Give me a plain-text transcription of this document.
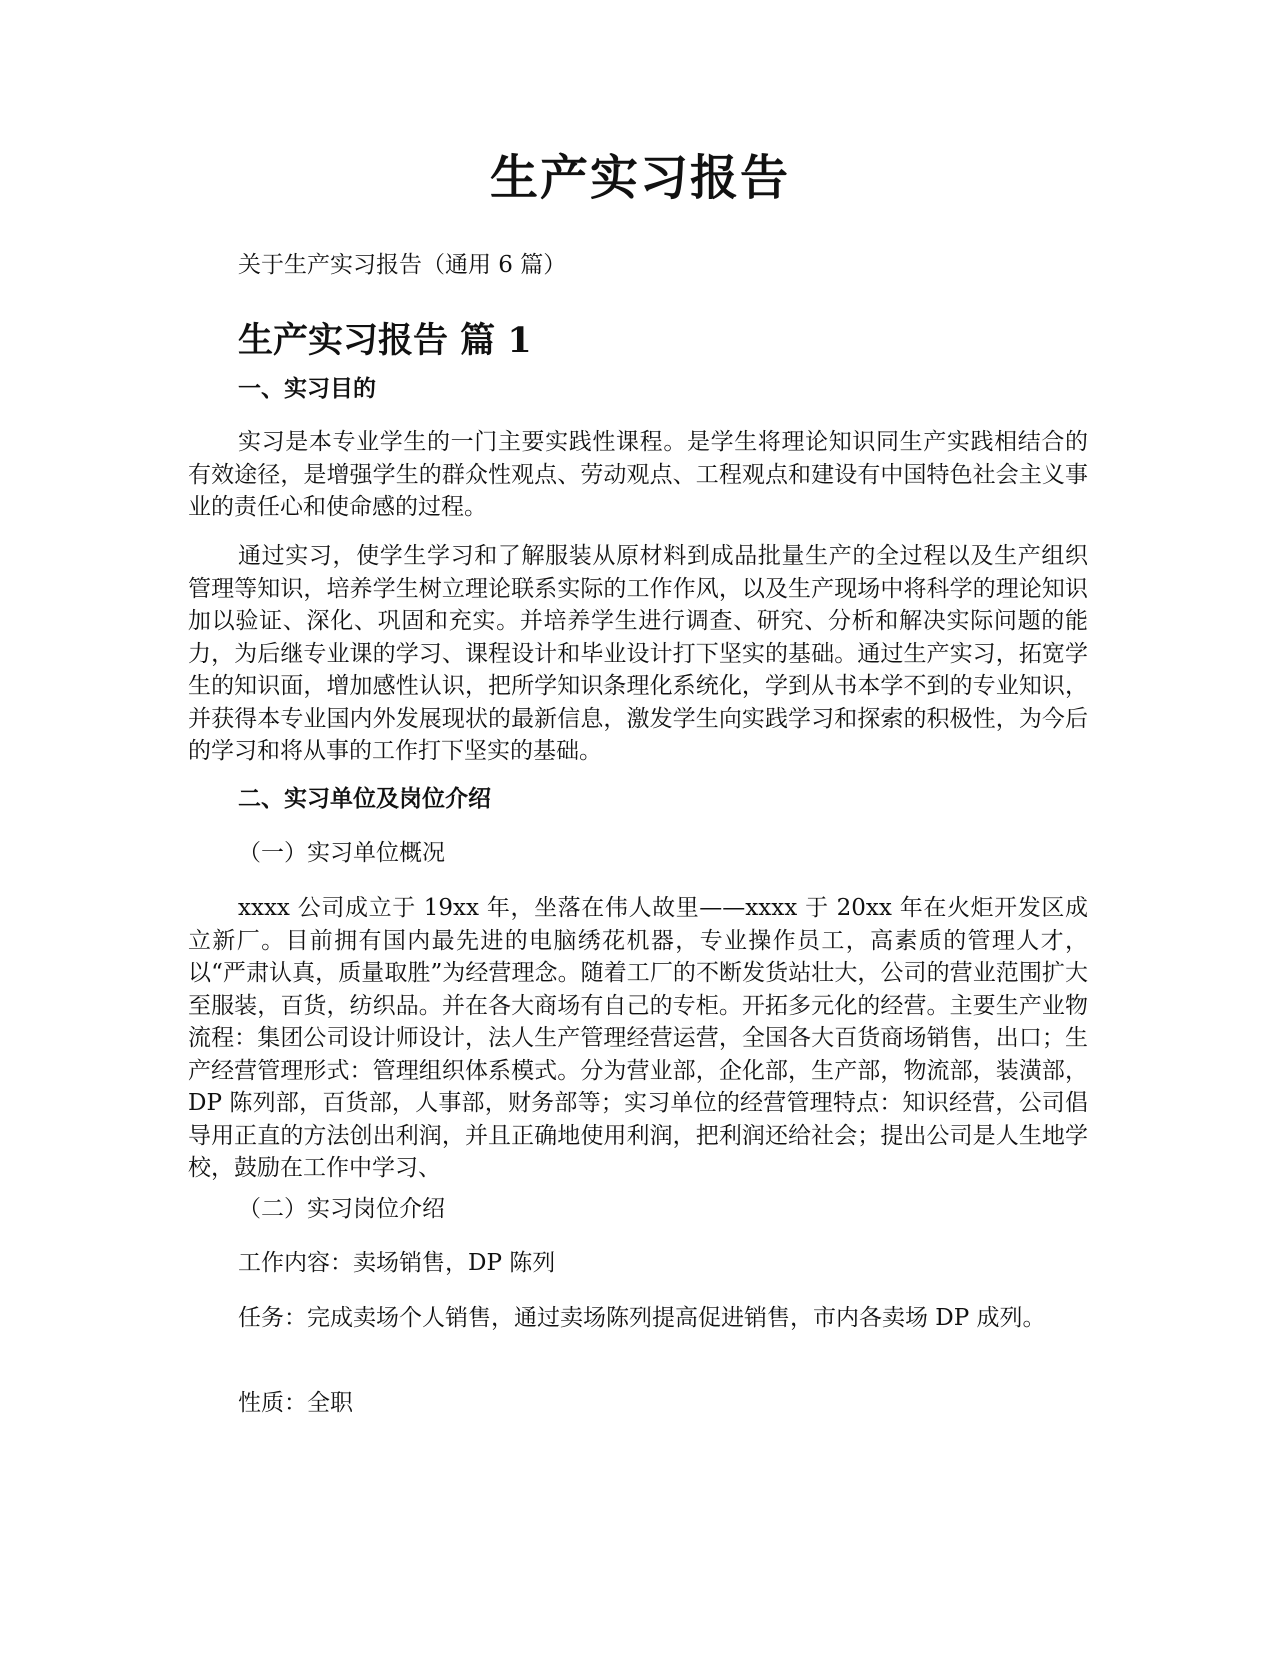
生产实习报告
关于生产实习报告（通用 6 篇）
生产实习报告 篇 1
一、实习目的
实习是本专业学生的一门主要实践性课程。是学生将理论知识同生产实践相结合的有效途径，是增强学生的群众性观点、劳动观点、工程观点和建设有中国特色社会主义事业的责任心和使命感的过程。
通过实习，使学生学习和了解服装从原材料到成品批量生产的全过程以及生产组织管理等知识，培养学生树立理论联系实际的工作作风，以及生产现场中将科学的理论知识加以验证、深化、巩固和充实。并培养学生进行调查、研究、分析和解决实际问题的能力，为后继专业课的学习、课程设计和毕业设计打下坚实的基础。通过生产实习，拓宽学生的知识面，增加感性认识，把所学知识条理化系统化，学到从书本学不到的专业知识，并获得本专业国内外发展现状的最新信息，激发学生向实践学习和探索的积极性，为今后的学习和将从事的工作打下坚实的基础。
二、实习单位及岗位介绍
（一）实习单位概况
xxxx 公司成立于 19xx 年，坐落在伟人故里——xxxx 于 20xx 年在火炬开发区成立新厂。目前拥有国内最先进的电脑绣花机器，专业操作员工，高素质的管理人才，以“严肃认真，质量取胜”为经营理念。随着工厂的不断发货站壮大，公司的营业范围扩大至服装，百货，纺织品。并在各大商场有自己的专柜。开拓多元化的经营。主要生产业物流程：集团公司设计师设计，法人生产管理经营运营，全国各大百货商场销售，出口；生产经营管理形式：管理组织体系模式。分为营业部，企化部，生产部，物流部，装潢部，DP 陈列部，百货部，人事部，财务部等；实习单位的经营管理特点：知识经营，公司倡导用正直的方法创出利润，并且正确地使用利润，把利润还给社会；提出公司是人生地学校，鼓励在工作中学习、
（二）实习岗位介绍
工作内容：卖场销售，DP 陈列
任务：完成卖场个人销售，通过卖场陈列提高促进销售，市内各卖场 DP 成列。
性质：全职
